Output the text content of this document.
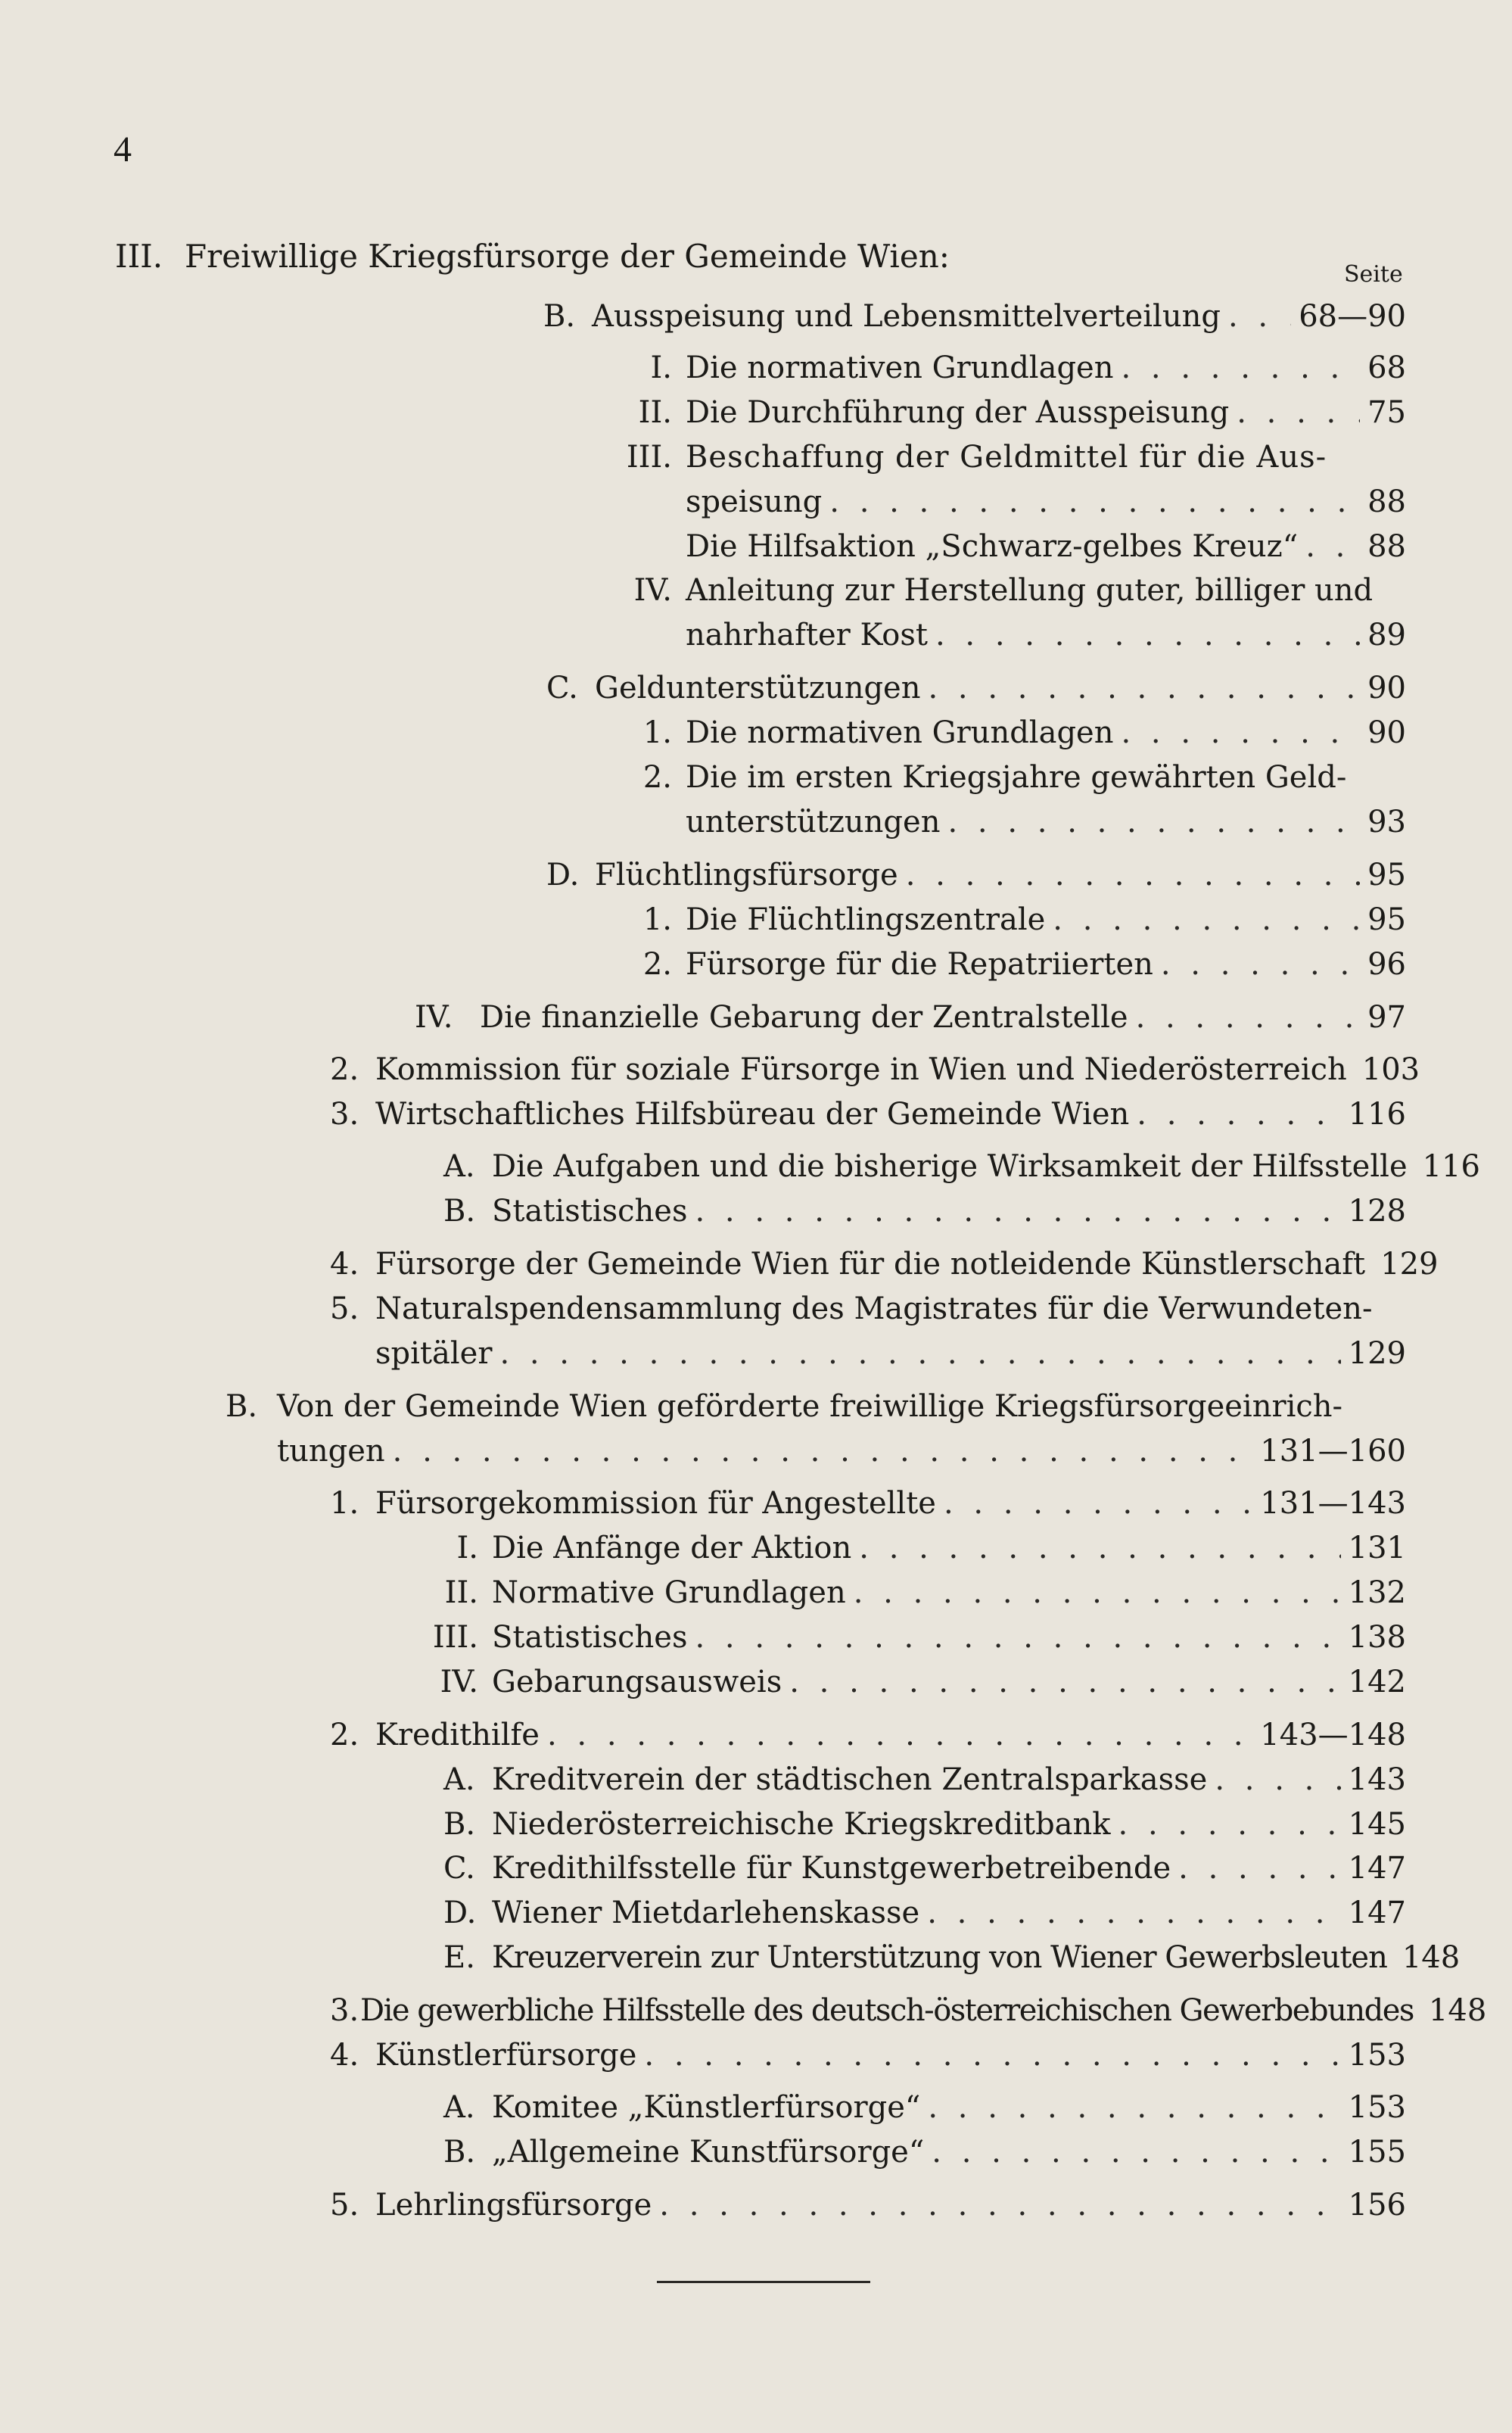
4
III. Freiwillige Kriegsfürsorge der Gemeinde Wien:	Seite
B. Ausspeisung und Lebensmittelverteilung . . .	68—90
I. Die normativen Grundlagen . . .	68
II. Die Durchführung der Ausspeisung . . .	75
III. Beschaffung der Geldmittel für die Aus-
speisung . . .	88
Die Hilfsaktion „Schwarz-gelbes Kreuz“ . . . 88
IV. Anleitung zur Herstellung guter, billiger und
nahrhafter Kost . . .	89
C. Geldunterstützungen . . .	90
1. Die normativen Grundlagen . . .	90
2. Die im ersten Kriegsjahre gewährten Geld-
unterstützungen . . .	93
D. Flüchtlingsfürsorge . . .	95
1. Die Flüchtlingszentrale . . .	95
2. Fürsorge für die Repatriierten . . .	96
IV. Die finanzielle Gebarung der Zentralstelle . . .	97
2. Kommission für soziale Fürsorge in Wien und Niederösterreich 103
3. Wirtschaftliches Hilfsbüreau der Gemeinde Wien . . .	116
A. Die Aufgaben und die bisherige Wirksamkeit der Hilfsstelle 116
B. Statistisches . . .	128
4. Fürsorge der Gemeinde Wien für die notleidende Künstlerschaft 129
5. Naturalspendensammlung des Magistrates für die Verwundeten-
spitäler . . .	129
B. Von der Gemeinde Wien geförderte freiwillige Kriegsfürsorgeeinrich-
tungen . . .	131—160
1. Fürsorgekommission für Angestellte . . .	131—143
I. Die Anfänge der Aktion . . .	131
II. Normative Grundlagen . . .	132
III. Statistisches . . .	138
IV. Gebarungsausweis . . .	142
2. Kredithilfe . . .	143—148
A. Kreditverein der städtischen Zentralsparkasse . . .	143
B. Niederösterreichische Kriegskreditbank . . .	145
C. Kredithilfsstelle für Kunstgewerbetreibende . . .	147
D. Wiener Mietdarlehenskasse . . .	147
E. Kreuzerverein zur Unterstützung von Wiener Gewerbsleuten 148
3. Die gewerbliche Hilfsstelle des deutsch-österreichischen Gewerbebundes 148
4. Künstlerfürsorge . . .	153
A. Komitee „Künstlerfürsorge“ . . .	153
B. „Allgemeine Kunstfürsorge“ . . .	155
5. Lehrlingsfürsorge . . .	156
